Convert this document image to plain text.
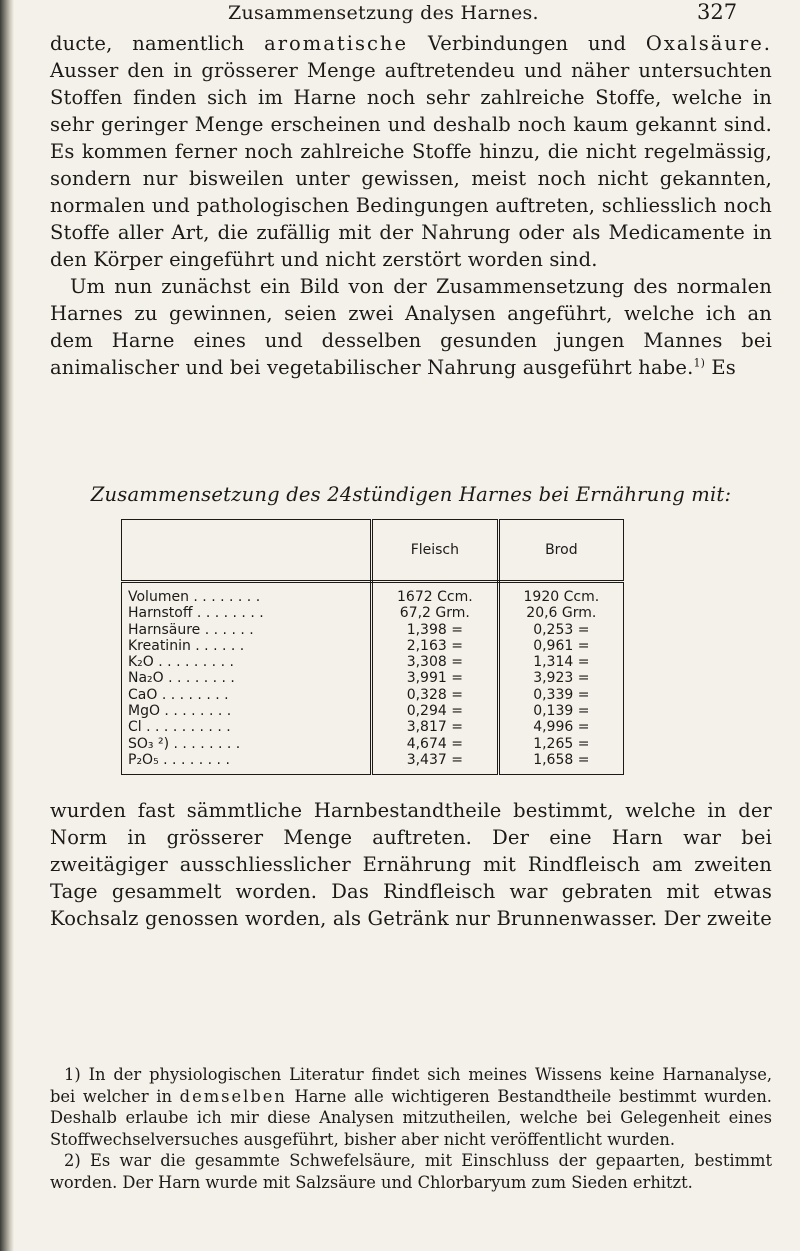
Zusammensetzung des Harnes.	327

ducte, namentlich aromatische Verbindungen und Oxalsäure. Ausser den in grösserer Menge auftretendeu und näher untersuchten Stoffen finden sich im Harne noch sehr zahlreiche Stoffe, welche in sehr geringer Menge erscheinen und deshalb noch kaum gekannt sind. Es kommen ferner noch zahlreiche Stoffe hinzu, die nicht regelmässig, sondern nur bisweilen unter gewissen, meist noch nicht gekannten, normalen und pathologischen Bedingungen auftreten, schliesslich noch Stoffe aller Art, die zufällig mit der Nahrung oder als Medicamente in den Körper eingeführt und nicht zerstört worden sind.

Um nun zunächst ein Bild von der Zusammensetzung des normalen Harnes zu gewinnen, seien zwei Analysen angeführt, welche ich an dem Harne eines und desselben gesunden jungen Mannes bei animalischer und bei vegetabilischer Nahrung ausgeführt habe.$^{1)}$ Es

Zusammensetzung des 24stündigen Harnes bei Ernährung mit:
	Fleisch	Brod
Volumen . . . . . . . .	1672 Ccm.	1920 Ccm.
Harnstoff . . . . . . . .	67,2 Grm.	20,6 Grm.
Harnsäure . . . . . .	1,398 =	0,253 =
Kreatinin . . . . . .	2,163 =	0,961 =
K₂O . . . . . . . . .	3,308 =	1,314 =
Na₂O . . . . . . . .	3,991 =	3,923 =
CaO . . . . . . . .	0,328 =	0,339 =
MgO . . . . . . . .	0,294 =	0,139 =
Cl . . . . . . . . . .	3,817 =	4,996 =
SO₃ ²) . . . . . . . .	4,674 =	1,265 =
P₂O₅ . . . . . . . .	3,437 =	1,658 =

wurden fast sämmtliche Harnbestandtheile bestimmt, welche in der Norm in grösserer Menge auftreten. Der eine Harn war bei zweitägiger ausschliesslicher Ernährung mit Rindfleisch am zweiten Tage gesammelt worden. Das Rindfleisch war gebraten mit etwas Kochsalz genossen worden, als Getränk nur Brunnenwasser. Der zweite

1) In der physiologischen Literatur findet sich meines Wissens keine Harnanalyse, bei welcher in demselben Harne alle wichtigeren Bestandtheile bestimmt wurden. Deshalb erlaube ich mir diese Analysen mitzutheilen, welche bei Gelegenheit eines Stoffwechselversuches ausgeführt, bisher aber nicht veröffentlicht wurden.

2) Es war die gesammte Schwefelsäure, mit Einschluss der gepaarten, bestimmt worden. Der Harn wurde mit Salzsäure und Chlorbaryum zum Sieden erhitzt.
